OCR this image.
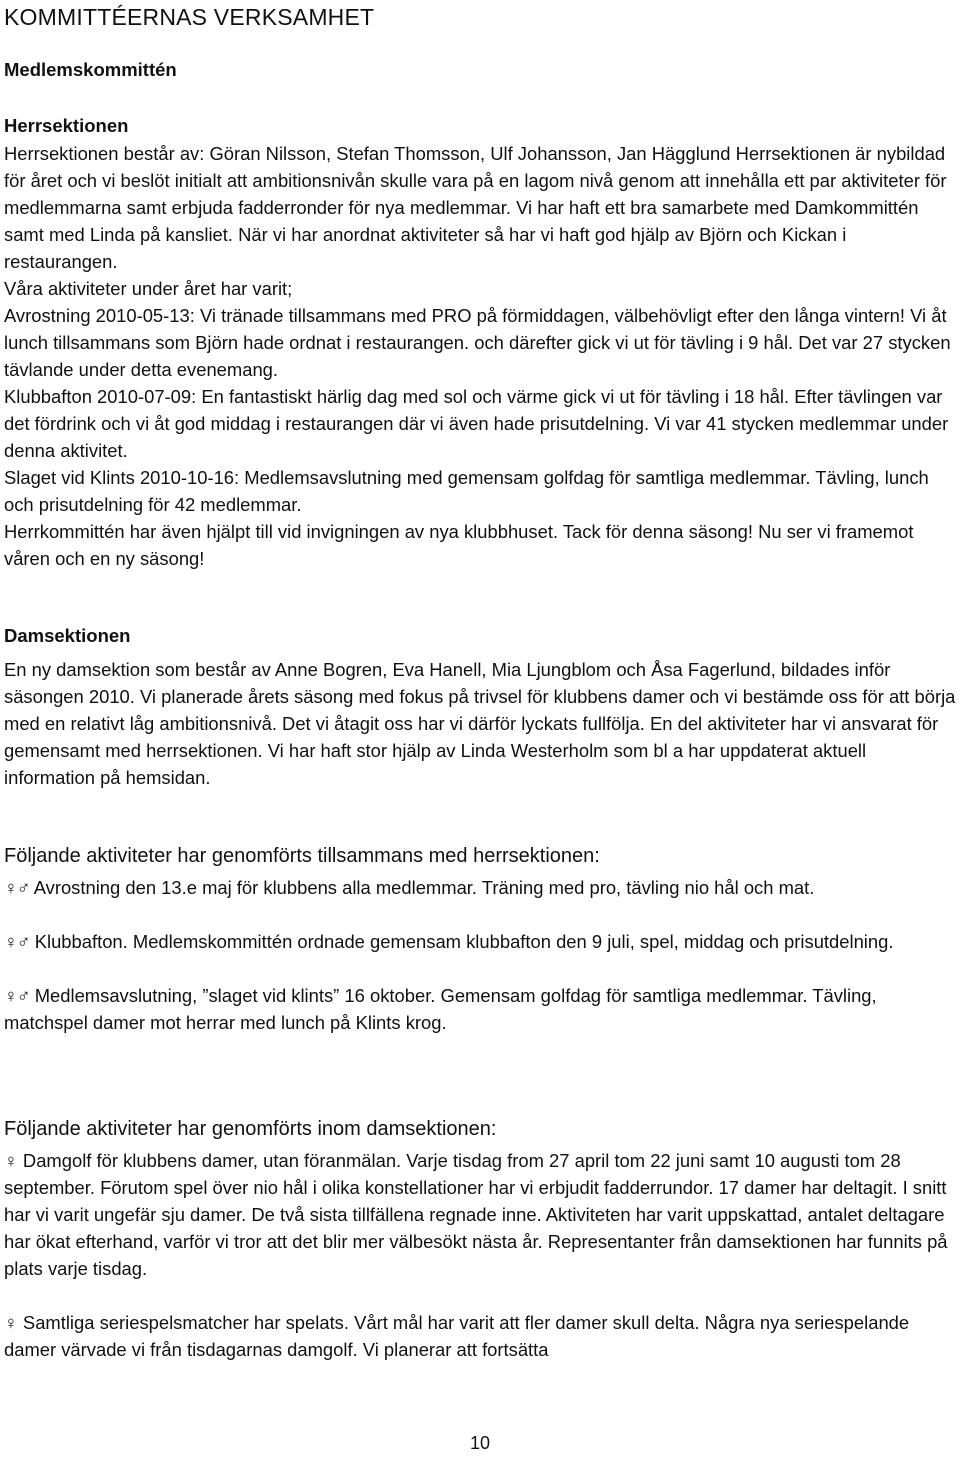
KOMMITTÉERNAS VERKSAMHET

Medlemskommittén

Herrsektionen

Herrsektionen består av: Göran Nilsson, Stefan Thomsson, Ulf Johansson, Jan Hägglund Herrsektionen är nybildad för året och vi beslöt initialt att ambitionsnivån skulle vara på en lagom nivå genom att innehålla ett par aktiviteter för medlemmarna samt erbjuda fadderronder för nya medlemmar. Vi har haft ett bra samarbete med Damkommittén samt med Linda på kansliet. När vi har anordnat aktiviteter så har vi haft god hjälp av Björn och Kickan i restaurangen.

Våra aktiviteter under året har varit;

Avrostning 2010-05-13: Vi tränade tillsammans med PRO på förmiddagen, välbehövligt efter den långa vintern! Vi åt lunch tillsammans som Björn hade ordnat i restaurangen. och därefter gick vi ut för tävling i 9 hål. Det var 27 stycken tävlande under detta evenemang.

Klubbafton 2010-07-09: En fantastiskt härlig dag med sol och värme gick vi ut för tävling i 18 hål. Efter tävlingen var det fördrink och vi åt god middag i restaurangen där vi även hade prisutdelning. Vi var 41 stycken medlemmar under denna aktivitet.

Slaget vid Klints 2010-10-16: Medlemsavslutning med gemensam golfdag för samtliga medlemmar. Tävling, lunch och prisutdelning för 42 medlemmar.

Herrkommittén har även hjälpt till vid invigningen av nya klubbhuset. Tack för denna säsong! Nu ser vi framemot våren och en ny säsong!

Damsektionen

En ny damsektion som består av Anne Bogren, Eva Hanell, Mia Ljungblom och Åsa Fagerlund, bildades inför säsongen 2010. Vi planerade årets säsong med fokus på trivsel för klubbens damer och vi bestämde oss för att börja med en relativt låg ambitionsnivå. Det vi åtagit oss har vi därför lyckats fullfölja. En del aktiviteter har vi ansvarat för gemensamt med herrsektionen. Vi har haft stor hjälp av Linda Westerholm som bl a har uppdaterat aktuell information på hemsidan.

Följande aktiviteter har genomförts tillsammans med herrsektionen:

♀♂ Avrostning den 13.e maj för klubbens alla medlemmar. Träning med pro, tävling nio hål och mat.

♀♂ Klubbafton. Medlemskommittén ordnade gemensam klubbafton den 9 juli, spel, middag och prisutdelning.

♀♂ Medlemsavslutning, ”slaget vid klints” 16 oktober. Gemensam golfdag för samtliga medlemmar. Tävling, matchspel damer mot herrar med lunch på Klints krog.

Följande aktiviteter har genomförts inom damsektionen:

♀ Damgolf för klubbens damer, utan föranmälan. Varje tisdag from 27 april tom 22 juni samt 10 augusti tom 28 september. Förutom spel över nio hål i olika konstellationer har vi erbjudit fadderrundor. 17 damer har deltagit. I snitt har vi varit ungefär sju damer. De två sista tillfällena regnade inne. Aktiviteten har varit uppskattad, antalet deltagare har ökat efterhand, varför vi tror att det blir mer välbesökt nästa år. Representanter från damsektionen har funnits på plats varje tisdag.

♀ Samtliga seriespelsmatcher har spelats. Vårt mål har varit att fler damer skull delta. Några nya seriespelande damer värvade vi från tisdagarnas damgolf. Vi planerar att fortsätta

10
